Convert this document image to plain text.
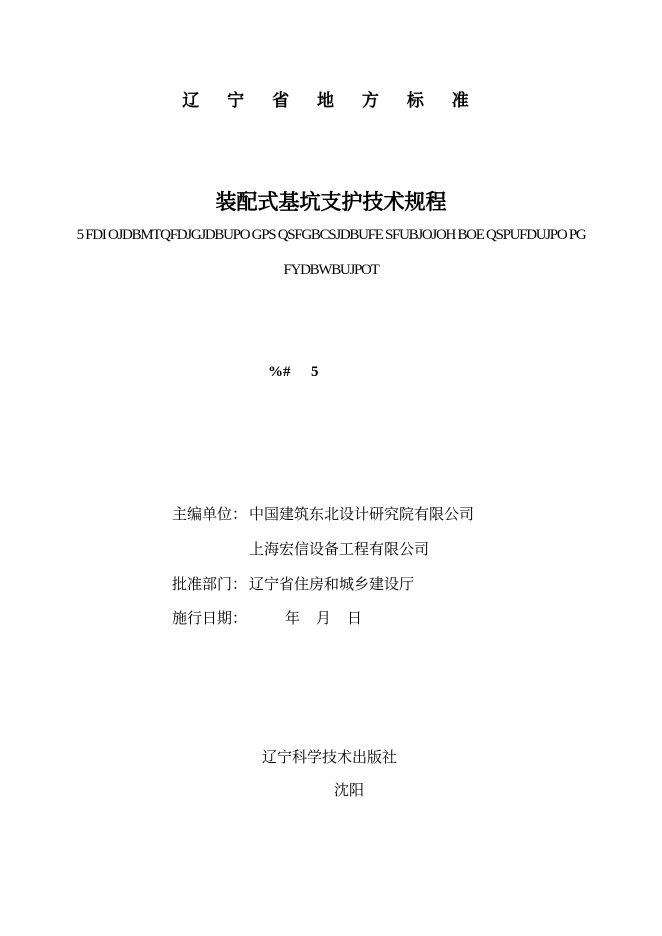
辽 宁 省 地 方 标 准
装配式基坑支护技术规程
5 FDI OJDBMTQFDJGJDBUPO GPS QSFGBCSJDBUFE SFUBJOJOH BOE QSPUFDUJPO PG
FYDBWBUJPOT
%# 5
主编单位： 中国建筑东北设计研究院有限公司
上海宏信设备工程有限公司
批准部门： 辽宁省住房和城乡建设厅
施行日期：	年 月 日
辽宁科学技术出版社
沈阳
